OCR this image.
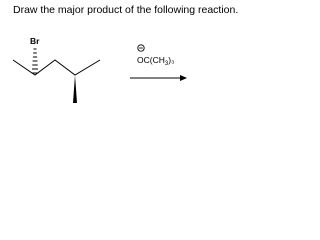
Draw the major product of the following reaction.
Br
$OC(CH_3)_3$
